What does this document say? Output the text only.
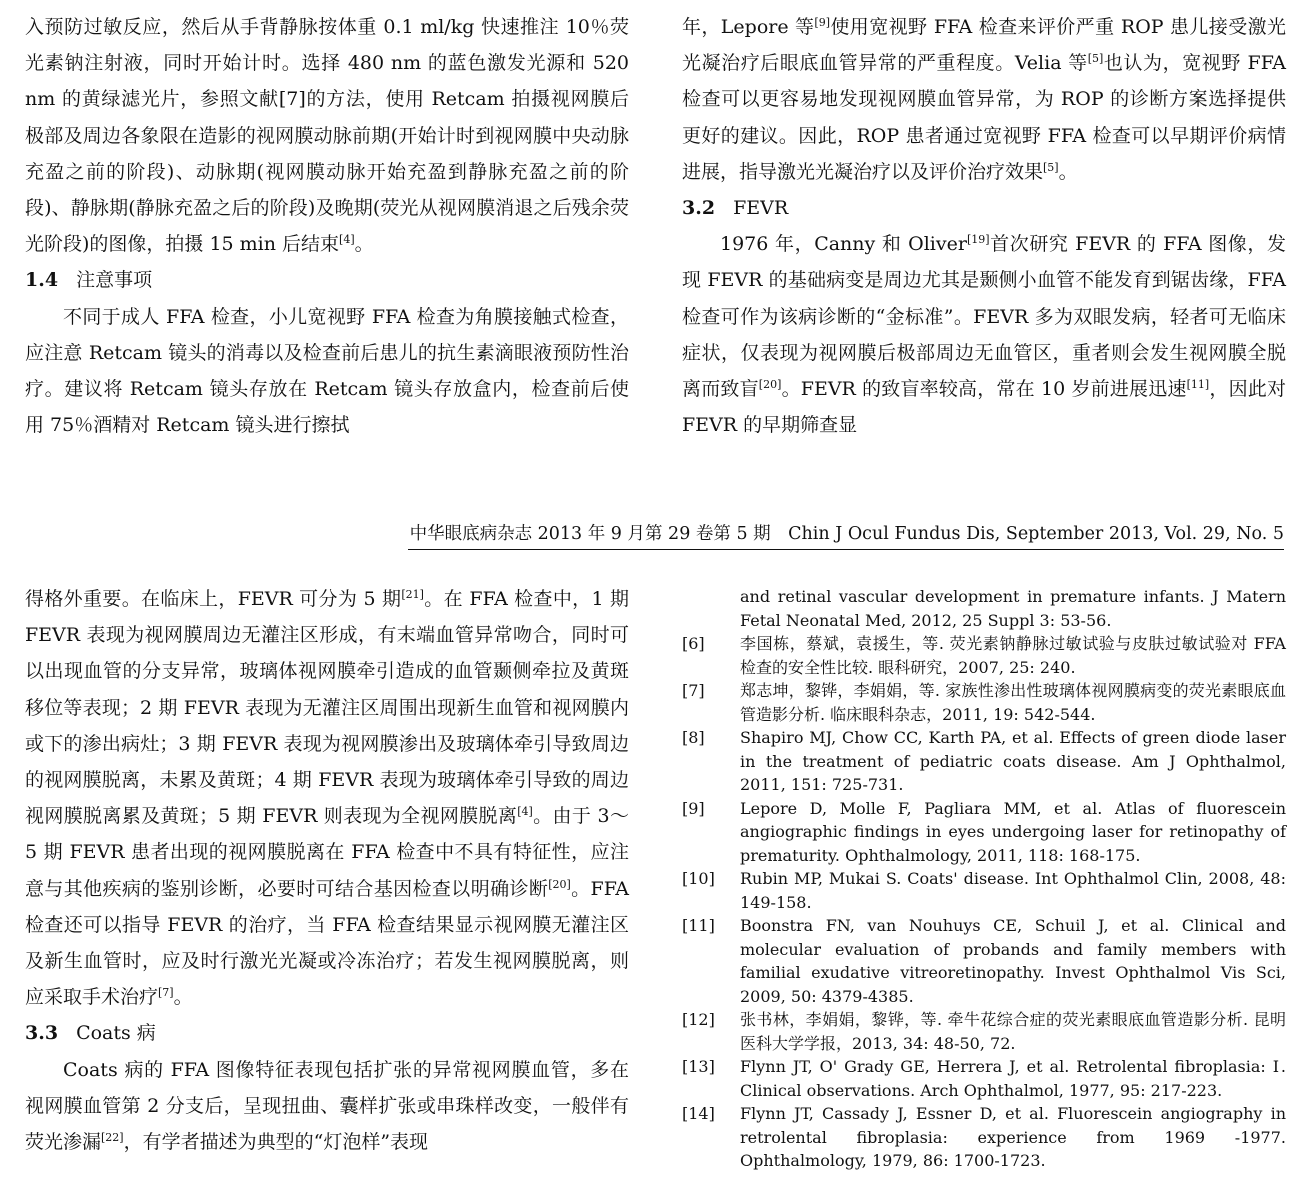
入预防过敏反应，然后从手背静脉按体重 0.1 ml/kg 快速推注 10％荧光素钠注射液，同时开始计时。选择 480 nm 的蓝色激发光源和 520 nm 的黄绿滤光片，参照文献[7]的方法，使用 Retcam 拍摄视网膜后极部及周边各象限在造影的视网膜动脉前期(开始计时到视网膜中央动脉充盈之前的阶段)、动脉期(视网膜动脉开始充盈到静脉充盈之前的阶段)、静脉期(静脉充盈之后的阶段)及晚期(荧光从视网膜消退之后残余荧光阶段)的图像，拍摄 15 min 后结束[4]。

1.4 注意事项

不同于成人 FFA 检查，小儿宽视野 FFA 检查为角膜接触式检查，应注意 Retcam 镜头的消毒以及检查前后患儿的抗生素滴眼液预防性治疗。建议将 Retcam 镜头存放在 Retcam 镜头存放盒内，检查前后使用 75％酒精对 Retcam 镜头进行擦拭

年，Lepore 等[9]使用宽视野 FFA 检查来评价严重 ROP 患儿接受激光光凝治疗后眼底血管异常的严重程度。Velia 等[5]也认为，宽视野 FFA 检查可以更容易地发现视网膜血管异常，为 ROP 的诊断方案选择提供更好的建议。因此，ROP 患者通过宽视野 FFA 检查可以早期评价病情进展，指导激光光凝治疗以及评价治疗效果[5]。

3.2 FEVR

1976 年，Canny 和 Oliver[19]首次研究 FEVR 的 FFA 图像，发现 FEVR 的基础病变是周边尤其是颞侧小血管不能发育到锯齿缘，FFA 检查可作为该病诊断的“金标准”。FEVR 多为双眼发病，轻者可无临床症状，仅表现为视网膜后极部周边无血管区，重者则会发生视网膜全脱离而致盲[20]。FEVR 的致盲率较高，常在 10 岁前进展迅速[11]，因此对 FEVR 的早期筛查显

中华眼底病杂志 2013 年 9 月第 29 卷第 5 期　Chin J Ocul Fundus Dis, September 2013, Vol. 29, No. 5

得格外重要。在临床上，FEVR 可分为 5 期[21]。在 FFA 检查中，1 期 FEVR 表现为视网膜周边无灌注区形成，有末端血管异常吻合，同时可以出现血管的分支异常，玻璃体视网膜牵引造成的血管颞侧牵拉及黄斑移位等表现；2 期 FEVR 表现为无灌注区周围出现新生血管和视网膜内或下的渗出病灶；3 期 FEVR 表现为视网膜渗出及玻璃体牵引导致周边的视网膜脱离，未累及黄斑；4 期 FEVR 表现为玻璃体牵引导致的周边视网膜脱离累及黄斑；5 期 FEVR 则表现为全视网膜脱离[4]。由于 3～5 期 FEVR 患者出现的视网膜脱离在 FFA 检查中不具有特征性，应注意与其他疾病的鉴别诊断，必要时可结合基因检查以明确诊断[20]。FFA 检查还可以指导 FEVR 的治疗，当 FFA 检查结果显示视网膜无灌注区及新生血管时，应及时行激光光凝或冷冻治疗；若发生视网膜脱离，则应采取手术治疗[7]。

3.3 Coats 病

Coats 病的 FFA 图像特征表现包括扩张的异常视网膜血管，多在视网膜血管第 2 分支后，呈现扭曲、囊样扩张或串珠样改变，一般伴有荧光渗漏[22]，有学者描述为典型的“灯泡样”表现

and retinal vascular development in premature infants. J Matern Fetal Neonatal Med, 2012, 25 Suppl 3: 53-56.
[6]	李国栋，蔡斌，袁援生，等. 荧光素钠静脉过敏试验与皮肤过敏试验对 FFA 检查的安全性比较. 眼科研究，2007, 25: 240.
[7]	郑志坤，黎铧，李娟娟，等. 家族性渗出性玻璃体视网膜病变的荧光素眼底血管造影分析. 临床眼科杂志，2011, 19: 542-544.
[8]	Shapiro MJ, Chow CC, Karth PA, et al. Effects of green diode laser in the treatment of pediatric coats disease. Am J Ophthalmol, 2011, 151: 725-731.
[9]	Lepore D, Molle F, Pagliara MM, et al. Atlas of fluorescein angiographic findings in eyes undergoing laser for retinopathy of prematurity. Ophthalmology, 2011, 118: 168-175.
[10]	Rubin MP, Mukai S. Coats' disease. Int Ophthalmol Clin, 2008, 48: 149-158.
[11]	Boonstra FN, van Nouhuys CE, Schuil J, et al. Clinical and molecular evaluation of probands and family members with familial exudative vitreoretinopathy. Invest Ophthalmol Vis Sci, 2009, 50: 4379-4385.
[12]	张书林，李娟娟，黎铧，等. 牵牛花综合症的荧光素眼底血管造影分析. 昆明医科大学学报，2013, 34: 48-50, 72.
[13]	Flynn JT, O' Grady GE, Herrera J, et al. Retrolental fibroplasia: Ⅰ. Clinical observations. Arch Ophthalmol, 1977, 95: 217-223.
[14]	Flynn JT, Cassady J, Essner D, et al. Fluorescein angiography in retrolental fibroplasia: experience from 1969 -1977. Ophthalmology, 1979, 86: 1700-1723.
